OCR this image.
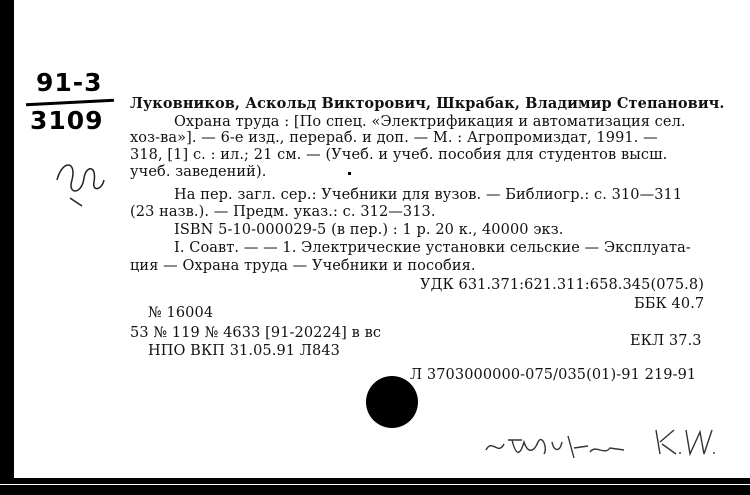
91-3
3109
Луковников, Аскольд Викторович, Шкрабак, Владимир Степанович.
Охрана труда : [По спец. «Электрификация и автоматизация сел.
хоз-ва»]. — 6-е изд., перераб. и доп. — М. : Агропромиздат, 1991. —
318, [1] с. : ил.; 21 см. — (Учеб. и учеб. пособия для студентов высш.
учеб. заведений).
На пер. загл. сер.: Учебники для вузов. — Библиогр.: с. 310—311
(23 назв.). — Предм. указ.: с. 312—313.
ISBN 5-10-000029-5 (в пер.) : 1 р. 20 к., 40000 экз.
I. Соавт. — — 1. Электрические установки сельские — Эксплуата-
ция — Охрана труда — Учебники и пособия.
УДК 631.371:621.311:658.345(075.8)
ББК 40.7
№ 16004
53 № 119 № 4633 [91-20224] в вс	ЕКЛ 37.3
НПО ВКП 31.05.91 Л843
Л 3703000000-075/035(01)-91 219-91
